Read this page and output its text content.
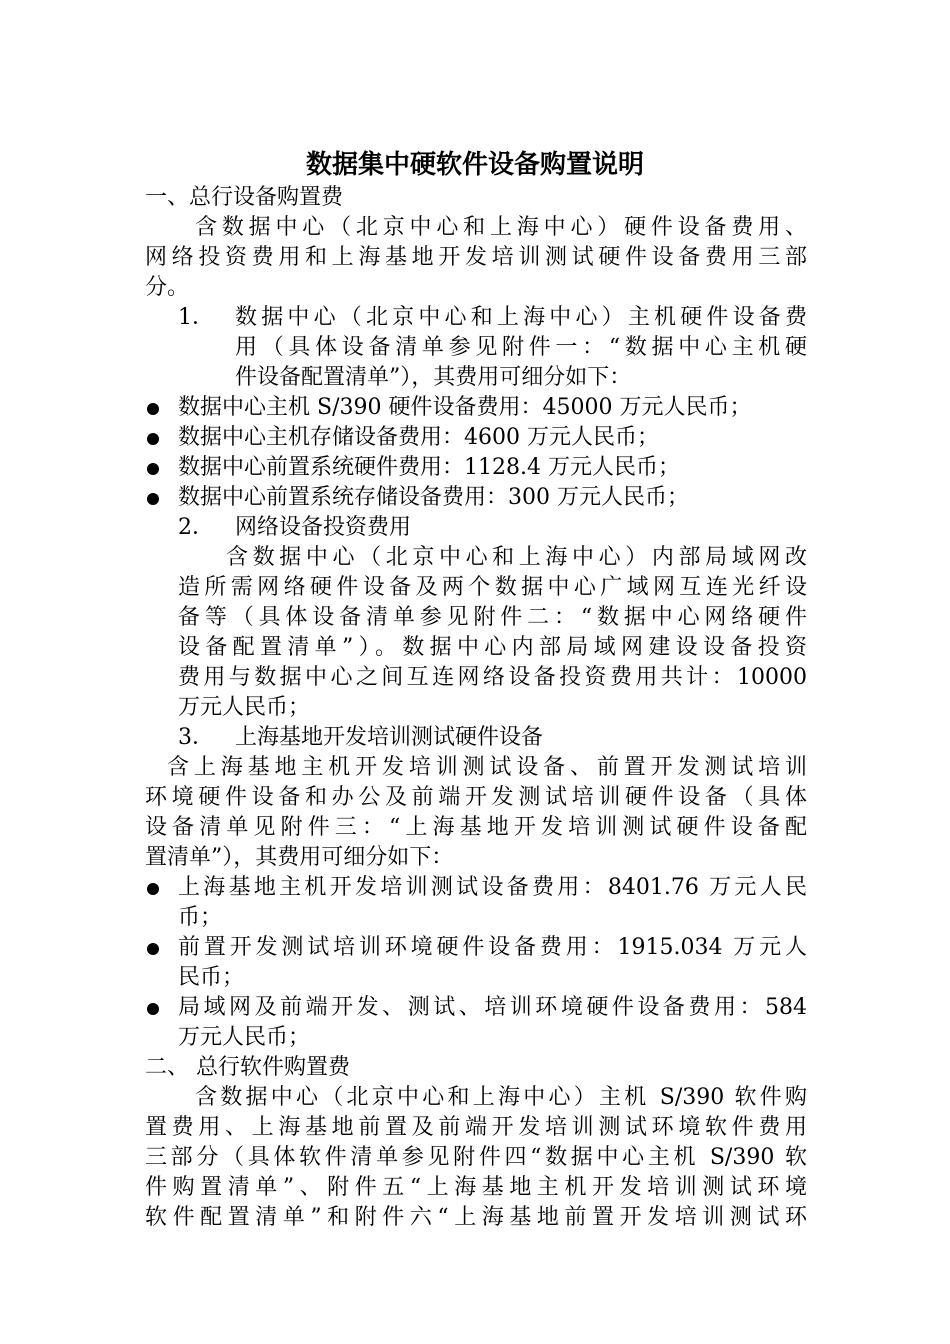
数据集中硬软件设备购置说明
一、总行设备购置费
含数据中心（北京中心和上海中心）硬件设备费用、
网络投资费用和上海基地开发培训测试硬件设备费用三部
分。
1． 数据中心（北京中心和上海中心）主机硬件设备费
用（具体设备清单参见附件一：“数据中心主机硬
件设备配置清单”），其费用可细分如下：
数据中心主机 S/390 硬件设备费用：45000 万元人民币；
数据中心主机存储设备费用：4600 万元人民币；
数据中心前置系统硬件费用：1128.4 万元人民币；
数据中心前置系统存储设备费用：300 万元人民币；
2． 网络设备投资费用
含数据中心（北京中心和上海中心）内部局域网改
造所需网络硬件设备及两个数据中心广域网互连光纤设
备等（具体设备清单参见附件二：“数据中心网络硬件
设备配置清单”）。数据中心内部局域网建设设备投资
费用与数据中心之间互连网络设备投资费用共计：10000
万元人民币；
3． 上海基地开发培训测试硬件设备
含上海基地主机开发培训测试设备、前置开发测试培训
环境硬件设备和办公及前端开发测试培训硬件设备（具体
设备清单见附件三：“上海基地开发培训测试硬件设备配
置清单”），其费用可细分如下：
上海基地主机开发培训测试设备费用：8401.76 万元人民
币；
前置开发测试培训环境硬件设备费用：1915.034 万元人
民币；
局域网及前端开发、测试、培训环境硬件设备费用：584
万元人民币；
二、 总行软件购置费
含数据中心（北京中心和上海中心）主机 S/390 软件购
置费用、上海基地前置及前端开发培训测试环境软件费用
三部分（具体软件清单参见附件四“数据中心主机 S/390 软
件购置清单”、附件五“上海基地主机开发培训测试环境
软件配置清单”和附件六“上海基地前置开发培训测试环
